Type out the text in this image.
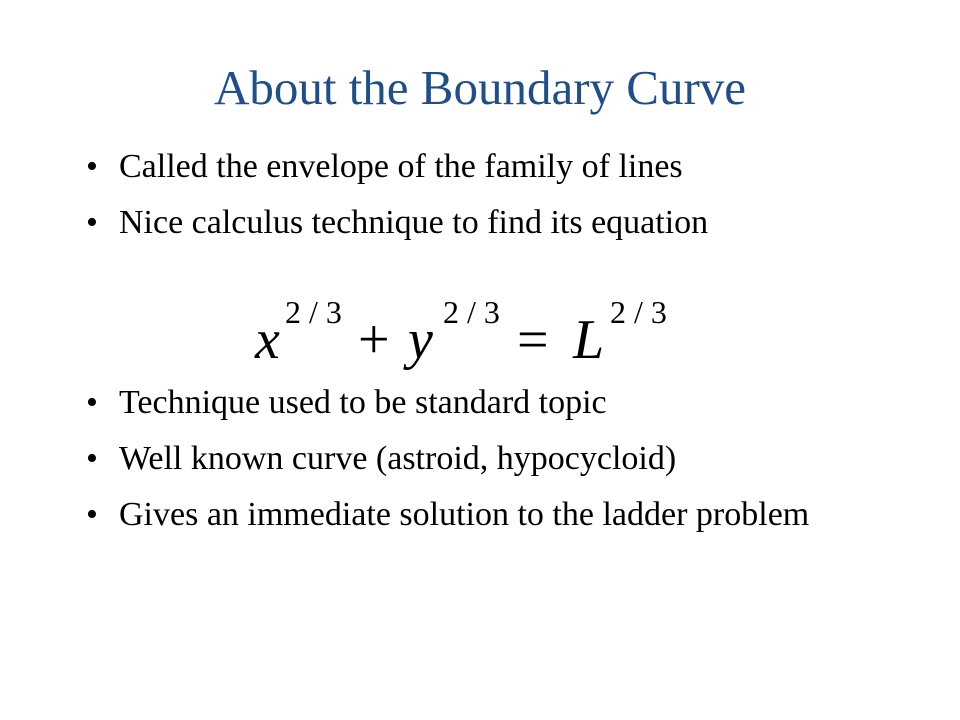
About the Boundary Curve
• Called the envelope of the family of lines
• Nice calculus technique to find its equation
x 2 / 3 + y 2 / 3 = L 2 / 3
• Technique used to be standard topic
• Well known curve (astroid, hypocycloid)
• Gives an immediate solution to the ladder problem
